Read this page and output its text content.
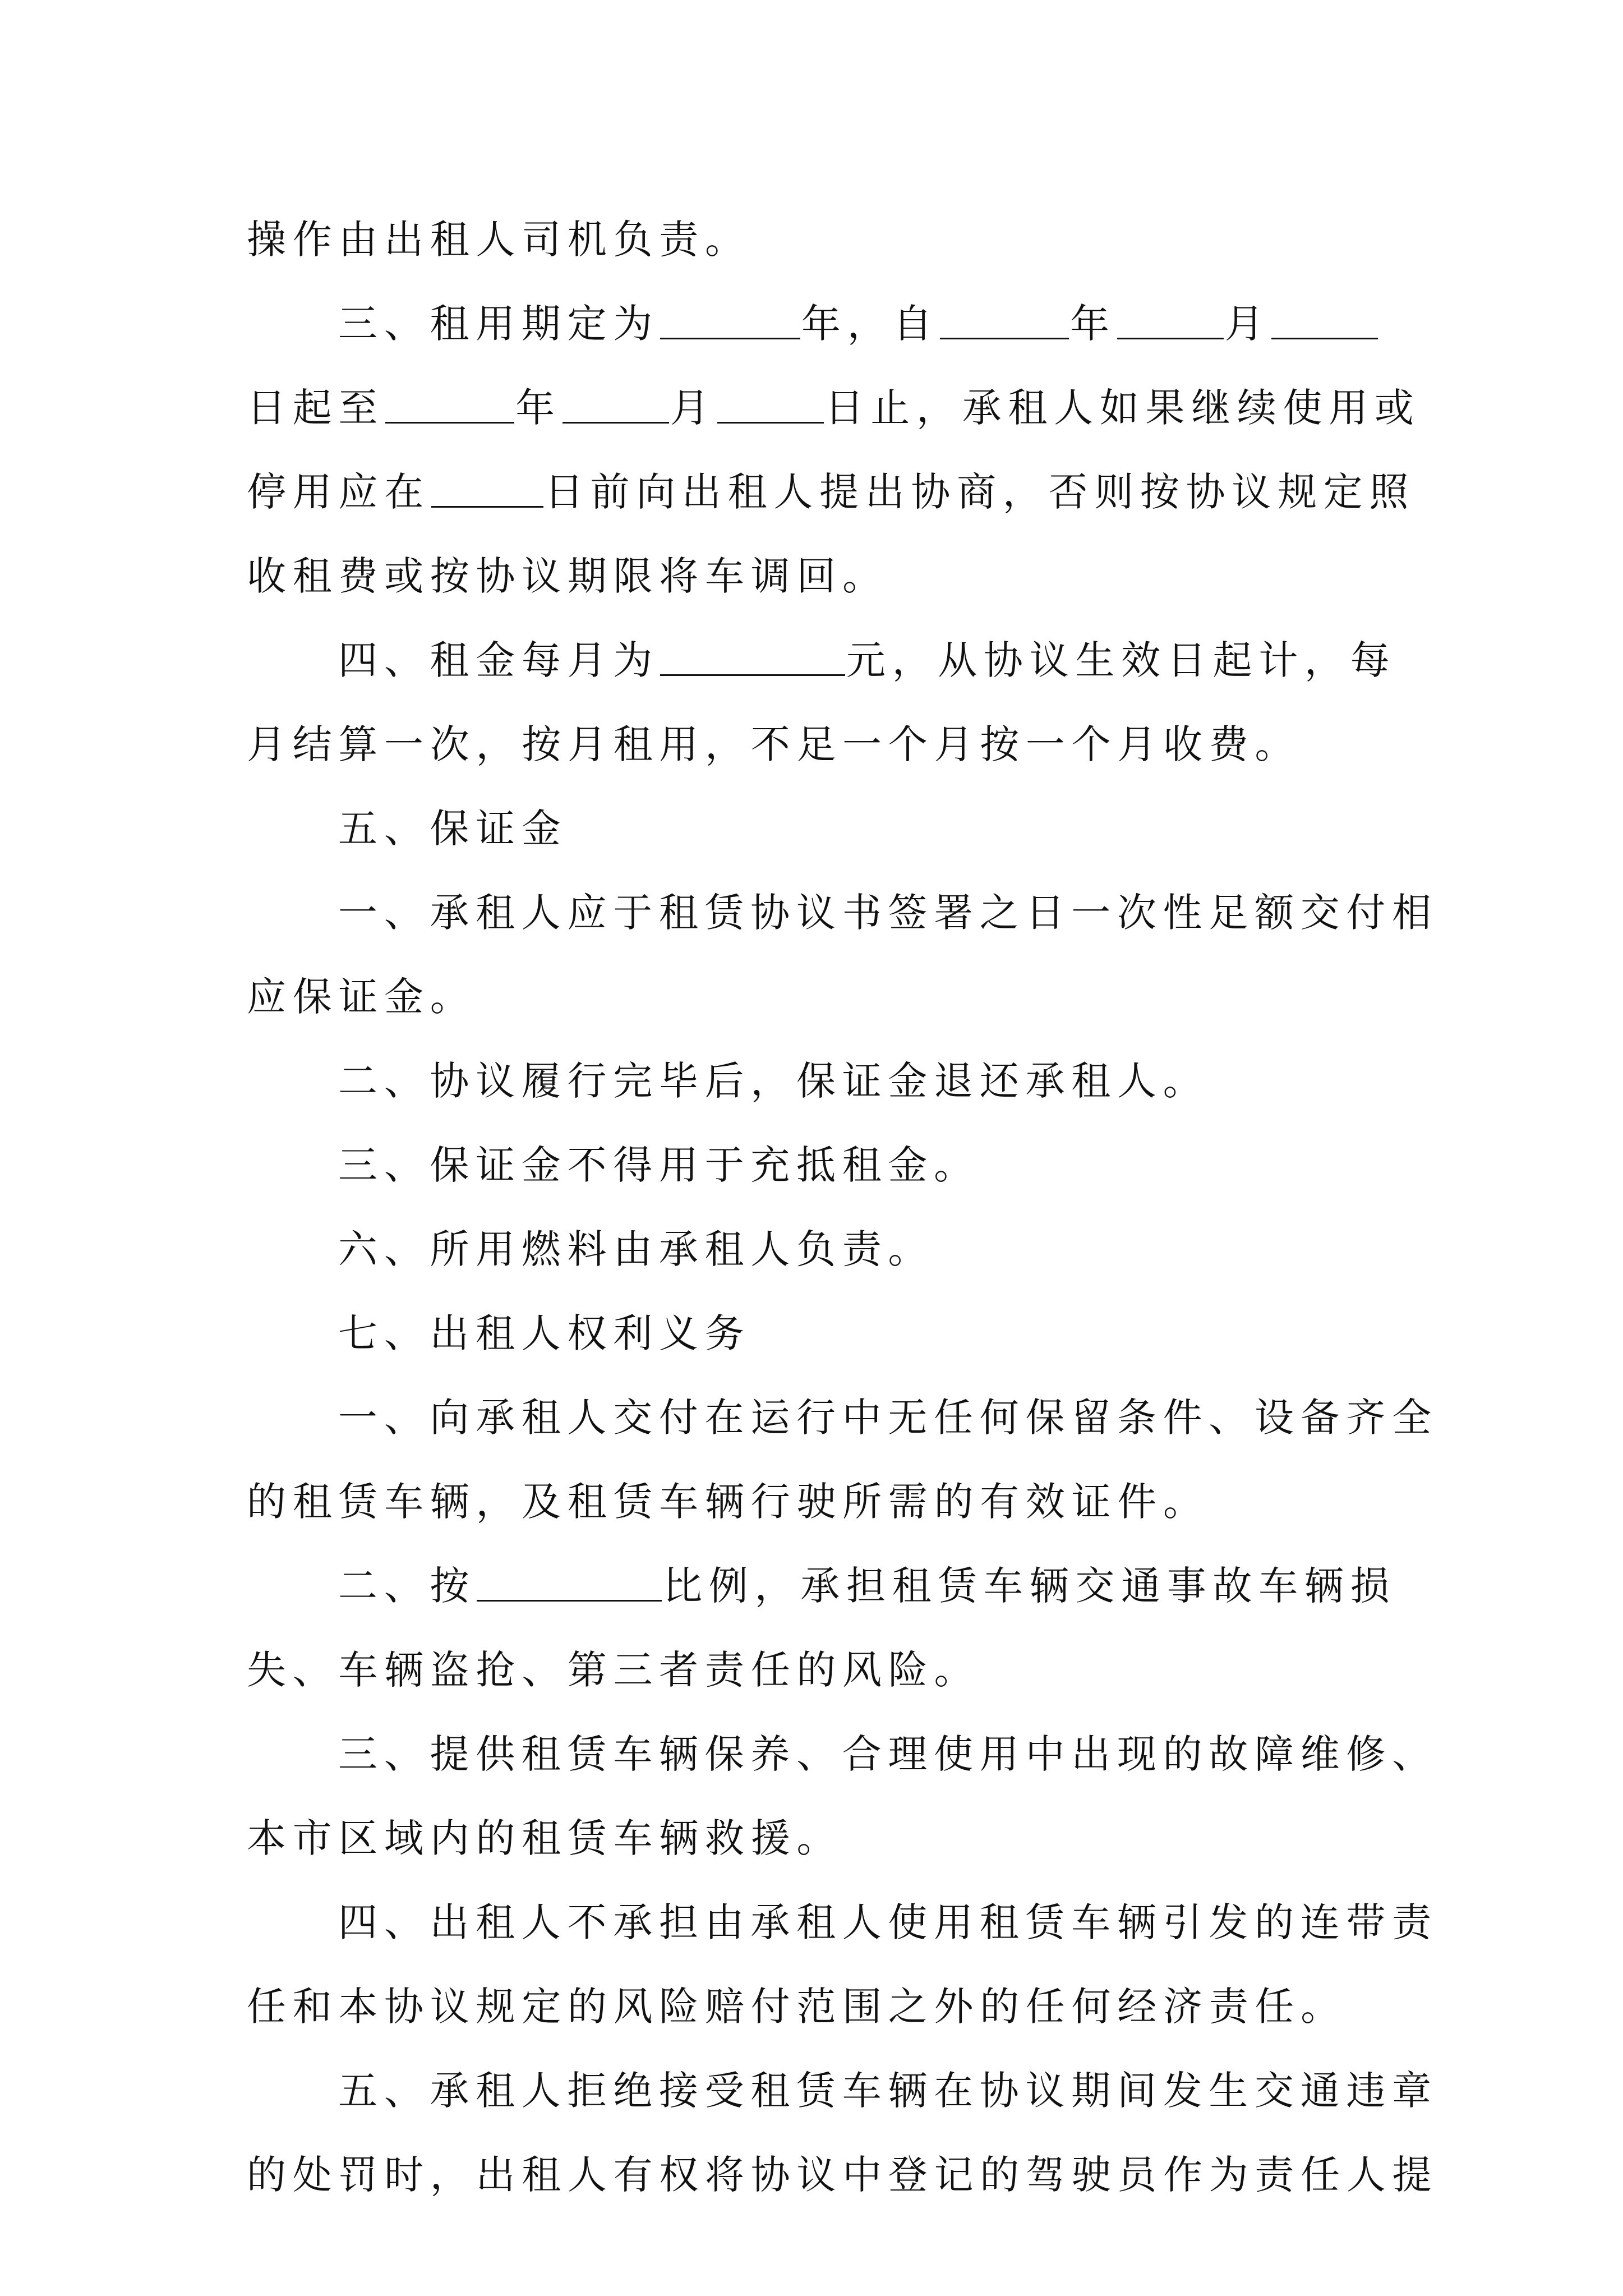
操作由出租人司机负责。
三、租用期定为	年，自	年	月
日起至	年	月	日止，承租人如果继续使用或
停用应在	日前向出租人提出协商，否则按协议规定照
收租费或按协议期限将车调回。
四、租金每月为	元，从协议生效日起计，每
月结算一次，按月租用，不足一个月按一个月收费。
五、保证金
一、承租人应于租赁协议书签署之日一次性足额交付相
应保证金。
二、协议履行完毕后，保证金退还承租人。
三、保证金不得用于充抵租金。
六、所用燃料由承租人负责。
七、出租人权利义务
一、向承租人交付在运行中无任何保留条件、设备齐全
的租赁车辆，及租赁车辆行驶所需的有效证件。
二、按	比例，承担租赁车辆交通事故车辆损
失、车辆盗抢、第三者责任的风险。
三、提供租赁车辆保养、合理使用中出现的故障维修、
本市区域内的租赁车辆救援。
四、出租人不承担由承租人使用租赁车辆引发的连带责
任和本协议规定的风险赔付范围之外的任何经济责任。
五、承租人拒绝接受租赁车辆在协议期间发生交通违章
的处罚时，出租人有权将协议中登记的驾驶员作为责任人提
